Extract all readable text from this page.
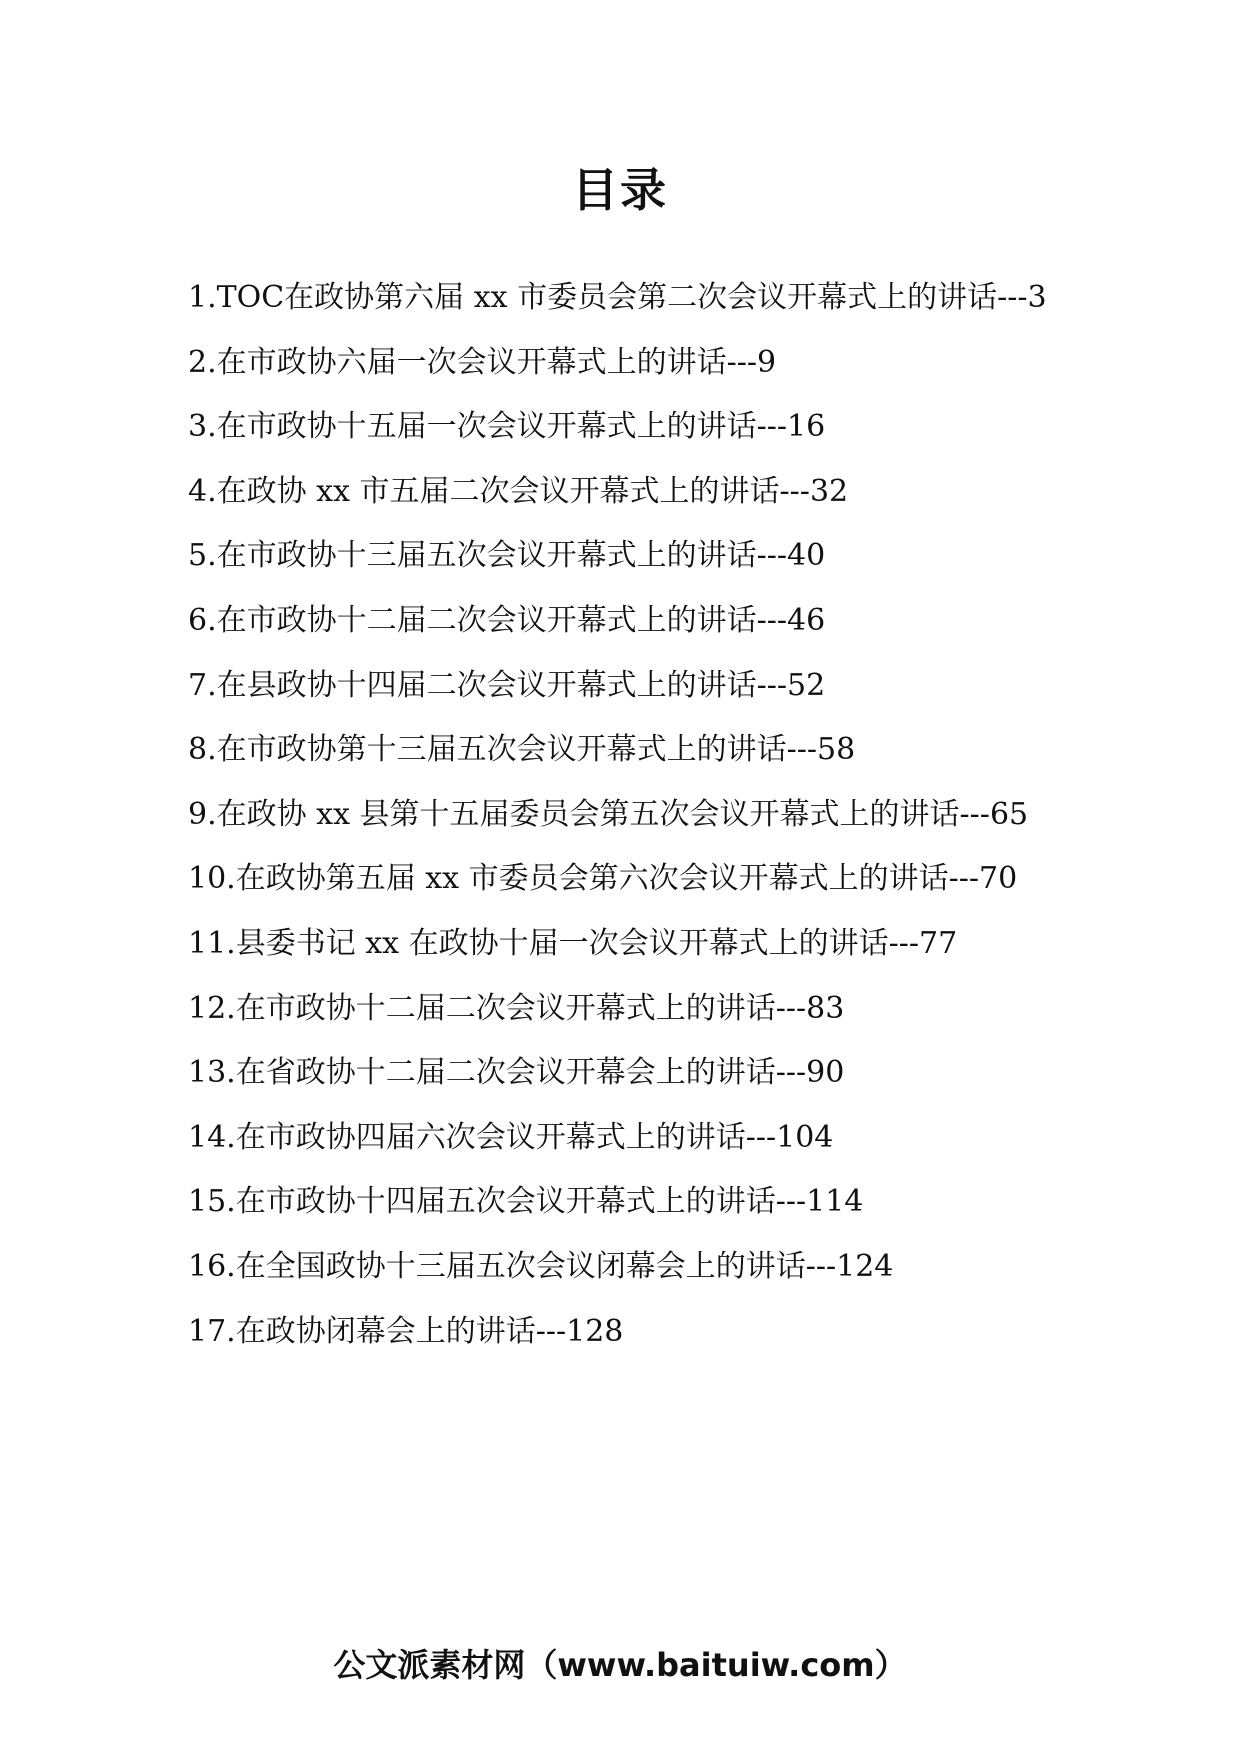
目录
1.TOC在政协第六届 xx 市委员会第二次会议开幕式上的讲话---3
2.在市政协六届一次会议开幕式上的讲话---9
3.在市政协十五届一次会议开幕式上的讲话---16
4.在政协 xx 市五届二次会议开幕式上的讲话---32
5.在市政协十三届五次会议开幕式上的讲话---40
6.在市政协十二届二次会议开幕式上的讲话---46
7.在县政协十四届二次会议开幕式上的讲话---52
8.在市政协第十三届五次会议开幕式上的讲话---58
9.在政协 xx 县第十五届委员会第五次会议开幕式上的讲话---65
10.在政协第五届 xx 市委员会第六次会议开幕式上的讲话---70
11.县委书记 xx 在政协十届一次会议开幕式上的讲话---77
12.在市政协十二届二次会议开幕式上的讲话---83
13.在省政协十二届二次会议开幕会上的讲话---90
14.在市政协四届六次会议开幕式上的讲话---104
15.在市政协十四届五次会议开幕式上的讲话---114
16.在全国政协十三届五次会议闭幕会上的讲话---124
17.在政协闭幕会上的讲话---128
公文派素材网（www.baituiw.com）
